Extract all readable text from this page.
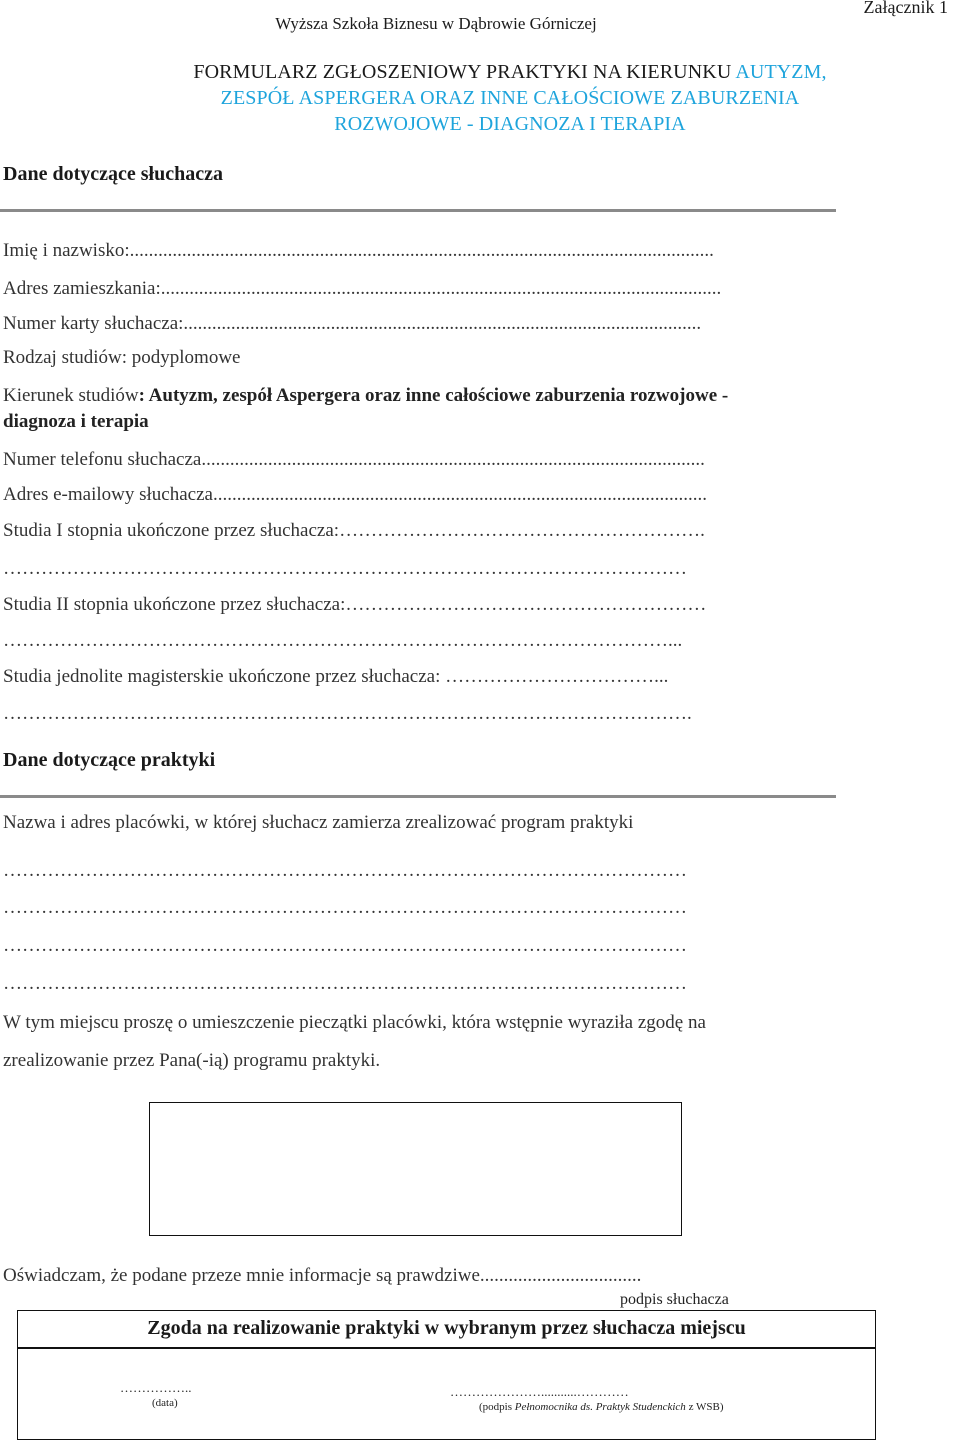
Wyższa Szkoła Biznesu w Dąbrowie Górniczej
Załącznik 1
FORMULARZ ZGŁOSZENIOWY PRAKTYKI NA KIERUNKU AUTYZM,
ZESPÓŁ ASPERGERA ORAZ INNE CAŁOŚCIOWE ZABURZENIA
ROZWOJOWE - DIAGNOZA I TERAPIA
Dane dotyczące słuchacza
Imię i nazwisko:...........................................................................................................................
Adres zamieszkania:......................................................................................................................
Numer karty słuchacza:.............................................................................................................
Rodzaj studiów: podyplomowe
Kierunek studiów: Autyzm, zespół Aspergera oraz inne całościowe zaburzenia rozwojowe -
diagnoza i terapia
Numer telefonu słuchacza..........................................................................................................
Adres e-mailowy słuchacza........................................................................................................
Studia I stopnia ukończone przez słuchacza:………………………………………………….
………………………………………………………………………………………………
Studia II stopnia ukończone przez słuchacza:…………………………………………………
……………………………………………………………………………………………...
Studia jednolite magisterskie ukończone przez słuchacza: ……………………………...
……………………………………………………………………………………………….
Dane dotyczące praktyki
Nazwa i adres placówki, w której słuchacz zamierza zrealizować program praktyki
………………………………………………………………………………………………
………………………………………………………………………………………………
………………………………………………………………………………………………
………………………………………………………………………………………………
W tym miejscu proszę o umieszczenie pieczątki placówki, która wstępnie wyraziła zgodę na
zrealizowanie przez Pana(-ią) programu praktyki.
Oświadczam, że podane przeze mnie informacje są prawdziwe..................................
podpis słuchacza
Zgoda na realizowanie praktyki w wybranym przez słuchacza miejscu
……………..
(data)
…………………...........…………
(podpis Pełnomocnika ds. Praktyk Studenckich z WSB)
